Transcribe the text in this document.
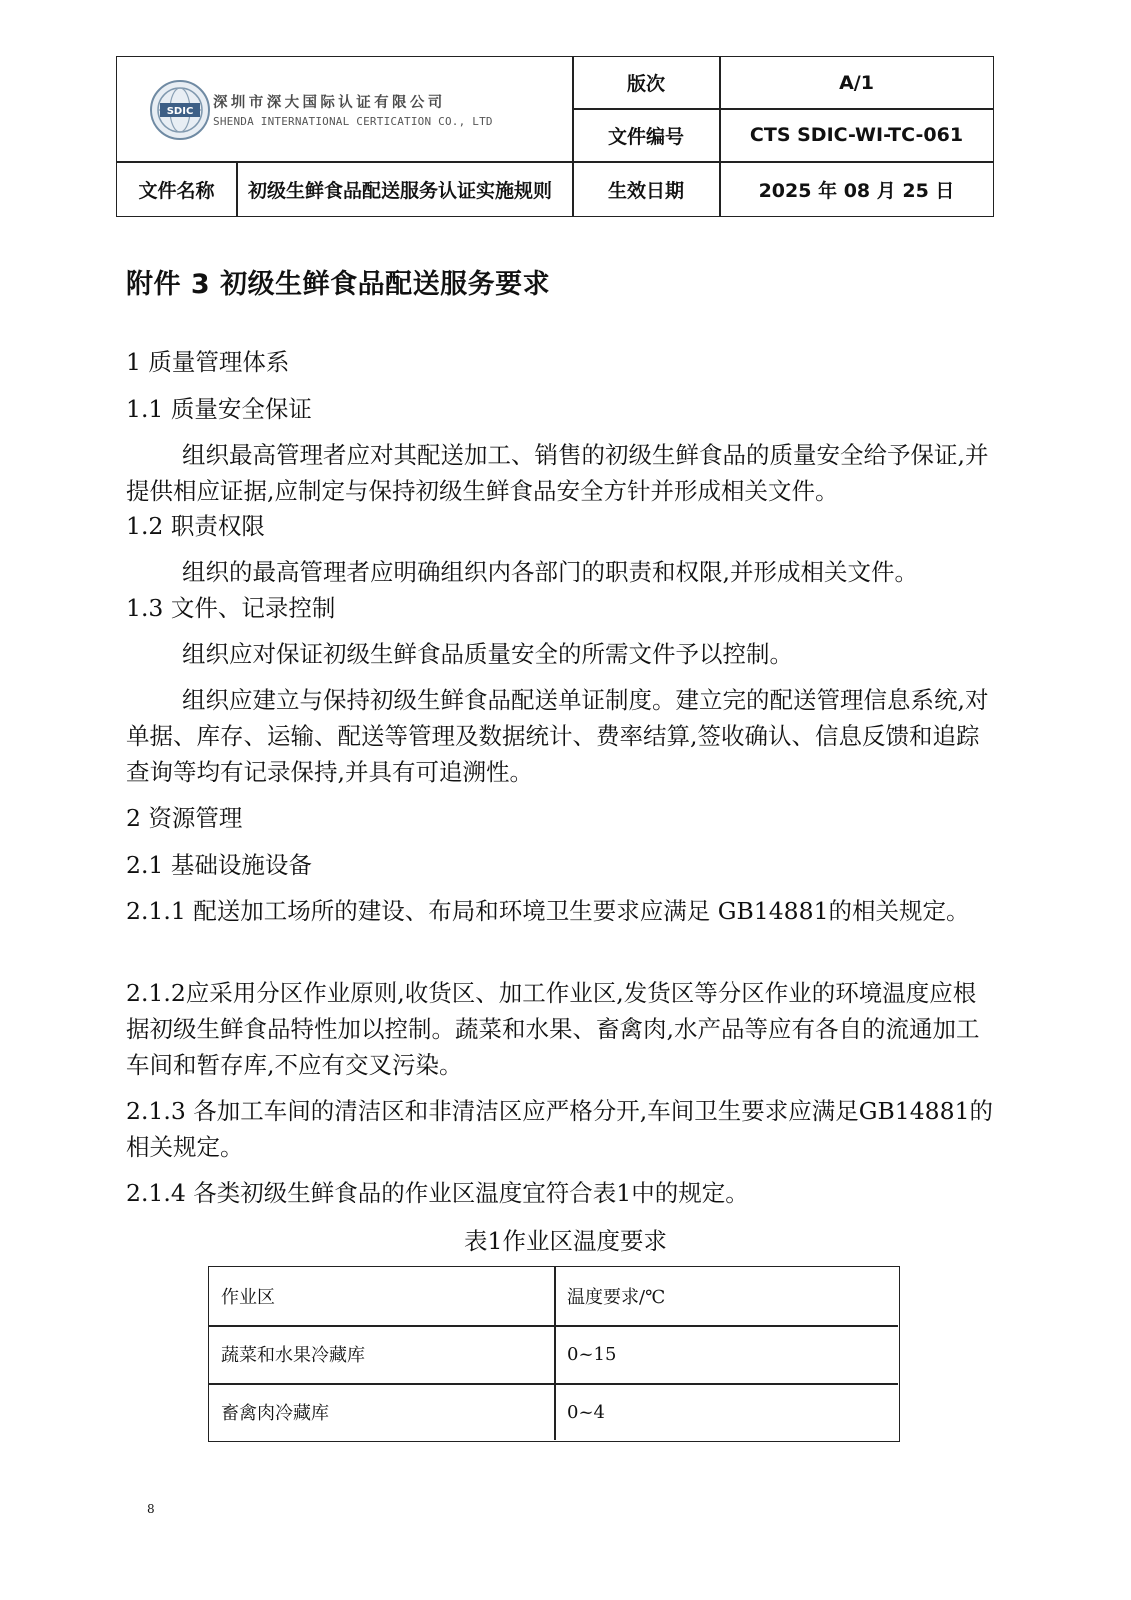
SDIC
深圳市深大国际认证有限公司
SHENDA INTERNATIONAL CERTICATION CO., LTD
版次	A/1
文件编号	CTS SDIC-WI-TC-061
文件名称	初级生鲜食品配送服务认证实施规则	生效日期	2025 年 08 月 25 日
附件 3 初级生鲜食品配送服务要求
1 质量管理体系
1.1 质量安全保证
组织最高管理者应对其配送加工、销售的初级生鲜食品的质量安全给予保证,并提供相应证据,应制定与保持初级生鲜食品安全方针并形成相关文件。
1.2 职责权限
组织的最高管理者应明确组织内各部门的职责和权限,并形成相关文件。
1.3 文件、记录控制
组织应对保证初级生鲜食品质量安全的所需文件予以控制。
组织应建立与保持初级生鲜食品配送单证制度。建立完的配送管理信息系统,对单据、库存、运输、配送等管理及数据统计、费率结算,签收确认、信息反馈和追踪查询等均有记录保持,并具有可追溯性。
2 资源管理
2.1 基础设施设备
2.1.1 配送加工场所的建设、布局和环境卫生要求应满足 GB14881的相关规定。
2.1.2应采用分区作业原则,收货区、加工作业区,发货区等分区作业的环境温度应根据初级生鲜食品特性加以控制。蔬菜和水果、畜禽肉,水产品等应有各自的流通加工车间和暂存库,不应有交叉污染。
2.1.3 各加工车间的清洁区和非清洁区应严格分开,车间卫生要求应满足GB14881的相关规定。
2.1.4 各类初级生鲜食品的作业区温度宜符合表1中的规定。
表1作业区温度要求
作业区	温度要求/℃
蔬菜和水果冷藏库	0~15
畜禽肉冷藏库	0~4
8
